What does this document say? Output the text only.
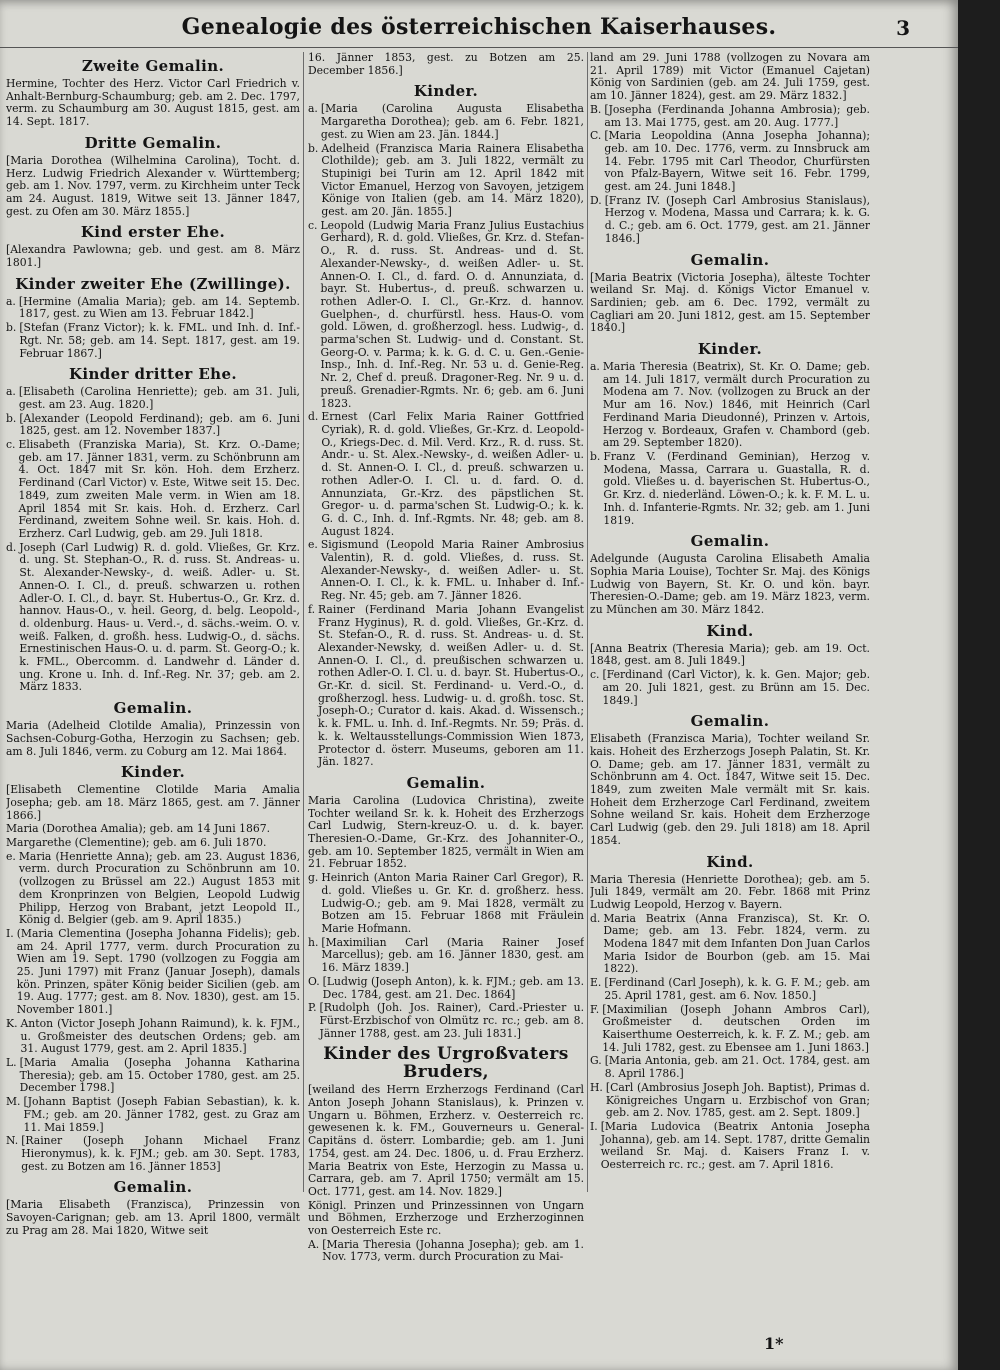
Genealogie des österreichischen Kaiserhauses.	3
Zweite Gemalin.
Hermine, Tochter des Herz. Victor Carl Friedrich v. Anhalt-Bernburg-Schaumburg; geb. am 2. Dec. 1797, verm. zu Schaumburg am 30. August 1815, gest. am 14. Sept. 1817.
Dritte Gemalin.
[Maria Dorothea (Wilhelmina Carolina), Tocht. d. Herz. Ludwig Friedrich Alexander v. Württemberg; geb. am 1. Nov. 1797, verm. zu Kirchheim unter Teck am 24. August. 1819, Witwe seit 13. Jänner 1847, gest. zu Ofen am 30. März 1855.]
Kind erster Ehe.
[Alexandra Pawlowna; geb. und gest. am 8. März 1801.]
Kinder zweiter Ehe (Zwillinge).
a. [Hermine (Amalia Maria); geb. am 14. Septemb. 1817, gest. zu Wien am 13. Februar 1842.]
b. [Stefan (Franz Victor); k. k. FML. und Inh. d. Inf.-Rgt. Nr. 58; geb. am 14. Sept. 1817, gest. am 19. Februar 1867.]
Kinder dritter Ehe.
a. [Elisabeth (Carolina Henriette); geb. am 31. Juli, gest. am 23. Aug. 1820.]
b. [Alexander (Leopold Ferdinand); geb. am 6. Juni 1825, gest. am 12. November 1837.]
c. Elisabeth (Franziska Maria), St. Krz. O.-Dame; geb. am 17. Jänner 1831, verm. zu Schönbrunn am 4. Oct. 1847 mit Sr. kön. Hoh. dem Erzherz. Ferdinand (Carl Victor) v. Este, Witwe seit 15. Dec. 1849, zum zweiten Male verm. in Wien am 18. April 1854 mit Sr. kais. Hoh. d. Erzherz. Carl Ferdinand, zweitem Sohne weil. Sr. kais. Hoh. d. Erzherz. Carl Ludwig, geb. am 29. Juli 1818.
d. Joseph (Carl Ludwig) R. d. gold. Vließes, Gr. Krz. d. ung. St. Stephan-O., R. d. russ. St. Andreas- u. St. Alexander-Newsky-, d. weiß. Adler- u. St. Annen-O. I. Cl., d. preuß. schwarzen u. rothen Adler-O. I. Cl., d. bayr. St. Hubertus-O., Gr. Krz. d. hannov. Haus-O., v. heil. Georg, d. belg. Leopold-, d. oldenburg. Haus- u. Verd.-, d. sächs.-weim. O. v. weiß. Falken, d. großh. hess. Ludwig-O., d. sächs. Ernestinischen Haus-O. u. d. parm. St. Georg-O.; k. k. FML., Obercomm. d. Landwehr d. Länder d. ung. Krone u. Inh. d. Inf.-Reg. Nr. 37; geb. am 2. März 1833.
Gemalin.
Maria (Adelheid Clotilde Amalia), Prinzessin von Sachsen-Coburg-Gotha, Herzogin zu Sachsen; geb. am 8. Juli 1846, verm. zu Coburg am 12. Mai 1864.
Kinder.
[Elisabeth Clementine Clotilde Maria Amalia Josepha; geb. am 18. März 1865, gest. am 7. Jänner 1866.]
Maria (Dorothea Amalia); geb. am 14 Juni 1867.
Margarethe (Clementine); geb. am 6. Juli 1870.
e. Maria (Henriette Anna); geb. am 23. August 1836, verm. durch Procuration zu Schönbrunn am 10. (vollzogen zu Brüssel am 22.) August 1853 mit dem Kronprinzen von Belgien, Leopold Ludwig Philipp, Herzog von Brabant, jetzt Leopold II., König d. Belgier (geb. am 9. April 1835.)
I. (Maria Clementina (Josepha Johanna Fidelis); geb. am 24. April 1777, verm. durch Procuration zu Wien am 19. Sept. 1790 (vollzogen zu Foggia am 25. Juni 1797) mit Franz (Januar Joseph), damals kön. Prinzen, später König beider Sicilien (geb. am 19. Aug. 1777; gest. am 8. Nov. 1830), gest. am 15. November 1801.]
K. Anton (Victor Joseph Johann Raimund), k. k. FJM., u. Großmeister des deutschen Ordens; geb. am 31. August 1779, gest. am 2. April 1835.]
L. [Maria Amalia (Josepha Johanna Katharina Theresia); geb. am 15. October 1780, gest. am 25. December 1798.]
M. [Johann Baptist (Joseph Fabian Sebastian), k. k. FM.; geb. am 20. Jänner 1782, gest. zu Graz am 11. Mai 1859.]
N. [Rainer (Joseph Johann Michael Franz Hieronymus), k. k. FJM.; geb. am 30. Sept. 1783, gest. zu Botzen am 16. Jänner 1853]
Gemalin.
[Maria Elisabeth (Franzisca), Prinzessin von Savoyen-Carignan; geb. am 13. April 1800, vermält zu Prag am 28. Mai 1820, Witwe seit
16. Jänner 1853, gest. zu Botzen am 25. December 1856.]
Kinder.
a. [Maria (Carolina Augusta Elisabetha Margaretha Dorothea); geb. am 6. Febr. 1821, gest. zu Wien am 23. Jän. 1844.]
b. Adelheid (Franzisca Maria Rainera Elisabetha Clothilde); geb. am 3. Juli 1822, vermält zu Stupinigi bei Turin am 12. April 1842 mit Victor Emanuel, Herzog von Savoyen, jetzigem Könige von Italien (geb. am 14. März 1820), gest. am 20. Jän. 1855.]
c. Leopold (Ludwig Maria Franz Julius Eustachius Gerhard), R. d. gold. Vließes, Gr. Krz. d. Stefan-O., R. d. russ. St. Andreas- und d. St. Alexander-Newsky-, d. weißen Adler- u. St. Annen-O. I. Cl., d. fard. O. d. Annunziata, d. bayr. St. Hubertus-, d. preuß. schwarzen u. rothen Adler-O. I. Cl., Gr.-Krz. d. hannov. Guelphen-, d. churfürstl. hess. Haus-O. vom gold. Löwen, d. großherzogl. hess. Ludwig-, d. parma'schen St. Ludwig- und d. Constant. St. Georg-O. v. Parma; k. k. G. d. C. u. Gen.-Genie-Insp., Inh. d. Inf.-Reg. Nr. 53 u. d. Genie-Reg. Nr. 2, Chef d. preuß. Dragoner-Reg. Nr. 9 u. d. preuß. Grenadier-Rgmts. Nr. 6; geb. am 6. Juni 1823.
d. Ernest (Carl Felix Maria Rainer Gottfried Cyriak), R. d. gold. Vließes, Gr.-Krz. d. Leopold-O., Kriegs-Dec. d. Mil. Verd. Krz., R. d. russ. St. Andr.- u. St. Alex.-Newsky-, d. weißen Adler- u. d. St. Annen-O. I. Cl., d. preuß. schwarzen u. rothen Adler-O. I. Cl. u. d. fard. O. d. Annunziata, Gr.-Krz. des päpstlichen St. Gregor- u. d. parma'schen St. Ludwig-O.; k. k. G. d. C., Inh. d. Inf.-Rgmts. Nr. 48; geb. am 8. August 1824.
e. Sigismund (Leopold Maria Rainer Ambrosius Valentin), R. d. gold. Vließes, d. russ. St. Alexander-Newsky-, d. weißen Adler- u. St. Annen-O. I. Cl., k. k. FML. u. Inhaber d. Inf.-Reg. Nr. 45; geb. am 7. Jänner 1826.
f. Rainer (Ferdinand Maria Johann Evangelist Franz Hyginus), R. d. gold. Vließes, Gr.-Krz. d. St. Stefan-O., R. d. russ. St. Andreas- u. d. St. Alexander-Newsky, d. weißen Adler- u. d. St. Annen-O. I. Cl., d. preußischen schwarzen u. rothen Adler-O. I. Cl. u. d. bayr. St. Hubertus-O., Gr.-Kr. d. sicil. St. Ferdinand- u. Verd.-O., d. großherzogl. hess. Ludwig- u. d. großh. tosc. St. Joseph-O.; Curator d. kais. Akad. d. Wissensch.; k. k. FML. u. Inh. d. Inf.-Regmts. Nr. 59; Präs. d. k. k. Weltausstellungs-Commission Wien 1873, Protector d. österr. Museums, geboren am 11. Jän. 1827.
Gemalin.
Maria Carolina (Ludovica Christina), zweite Tochter weiland Sr. k. k. Hoheit des Erzherzogs Carl Ludwig, Stern-kreuz-O. u. d. k. bayer. Theresien-O.-Dame, Gr.-Krz. des Johanniter-O., geb. am 10. September 1825, vermält in Wien am 21. Februar 1852.
g. Heinrich (Anton Maria Rainer Carl Gregor), R. d. gold. Vließes u. Gr. Kr. d. großherz. hess. Ludwig-O.; geb. am 9. Mai 1828, vermält zu Botzen am 15. Februar 1868 mit Fräulein Marie Hofmann.
h. [Maximilian Carl (Maria Rainer Josef Marcellus); geb. am 16. Jänner 1830, gest. am 16. März 1839.]
O. [Ludwig (Joseph Anton), k. k. FJM.; geb. am 13. Dec. 1784, gest. am 21. Dec. 1864]
P. [Rudolph (Joh. Jos. Rainer), Card.-Priester u. Fürst-Erzbischof von Olmütz rc. rc.; geb. am 8. Jänner 1788, gest. am 23. Juli 1831.]
Kinder des Urgroßvaters Bruders,
[weiland des Herrn Erzherzogs Ferdinand (Carl Anton Joseph Johann Stanislaus), k. Prinzen v. Ungarn u. Böhmen, Erzherz. v. Oesterreich rc. gewesenen k. k. FM., Gouverneurs u. General-Capitäns d. österr. Lombardie; geb. am 1. Juni 1754, gest. am 24. Dec. 1806, u. d. Frau Erzherz. Maria Beatrix von Este, Herzogin zu Massa u. Carrara, geb. am 7. April 1750; vermält am 15. Oct. 1771, gest. am 14. Nov. 1829.]
Königl. Prinzen und Prinzessinnen von Ungarn und Böhmen, Erzherzoge und Erzherzoginnen von Oesterreich Este rc.
A. [Maria Theresia (Johanna Josepha); geb. am 1. Nov. 1773, verm. durch Procuration zu Mai-
land am 29. Juni 1788 (vollzogen zu Novara am 21. April 1789) mit Victor (Emanuel Cajetan) König von Sardinien (geb. am 24. Juli 1759, gest. am 10. Jänner 1824), gest. am 29. März 1832.]
B. [Josepha (Ferdinanda Johanna Ambrosia); geb. am 13. Mai 1775, gest. am 20. Aug. 1777.]
C. [Maria Leopoldina (Anna Josepha Johanna); geb. am 10. Dec. 1776, verm. zu Innsbruck am 14. Febr. 1795 mit Carl Theodor, Churfürsten von Pfalz-Bayern, Witwe seit 16. Febr. 1799, gest. am 24. Juni 1848.]
D. [Franz IV. (Joseph Carl Ambrosius Stanislaus), Herzog v. Modena, Massa und Carrara; k. k. G. d. C.; geb. am 6. Oct. 1779, gest. am 21. Jänner 1846.]
Gemalin.
[Maria Beatrix (Victoria Josepha), älteste Tochter weiland Sr. Maj. d. Königs Victor Emanuel v. Sardinien; geb. am 6. Dec. 1792, vermält zu Cagliari am 20. Juni 1812, gest. am 15. September 1840.]
Kinder.
a. Maria Theresia (Beatrix), St. Kr. O. Dame; geb. am 14. Juli 1817, vermält durch Procuration zu Modena am 7. Nov. (vollzogen zu Bruck an der Mur am 16. Nov.) 1846, mit Heinrich (Carl Ferdinand Maria Dieudonné), Prinzen v. Artois, Herzog v. Bordeaux, Grafen v. Chambord (geb. am 29. September 1820).
b. Franz V. (Ferdinand Geminian), Herzog v. Modena, Massa, Carrara u. Guastalla, R. d. gold. Vließes u. d. bayerischen St. Hubertus-O., Gr. Krz. d. niederländ. Löwen-O.; k. k. F. M. L. u. Inh. d. Infanterie-Rgmts. Nr. 32; geb. am 1. Juni 1819.
Gemalin.
Adelgunde (Augusta Carolina Elisabeth Amalia Sophia Maria Louise), Tochter Sr. Maj. des Königs Ludwig von Bayern, St. Kr. O. und kön. bayr. Theresien-O.-Dame; geb. am 19. März 1823, verm. zu München am 30. März 1842.
Kind.
[Anna Beatrix (Theresia Maria); geb. am 19. Oct. 1848, gest. am 8. Juli 1849.]
c. [Ferdinand (Carl Victor), k. k. Gen. Major; geb. am 20. Juli 1821, gest. zu Brünn am 15. Dec. 1849.]
Gemalin.
Elisabeth (Franzisca Maria), Tochter weiland Sr. kais. Hoheit des Erzherzogs Joseph Palatin, St. Kr. O. Dame; geb. am 17. Jänner 1831, vermält zu Schönbrunn am 4. Oct. 1847, Witwe seit 15. Dec. 1849, zum zweiten Male vermält mit Sr. kais. Hoheit dem Erzherzoge Carl Ferdinand, zweitem Sohne weiland Sr. kais. Hoheit dem Erzherzoge Carl Ludwig (geb. den 29. Juli 1818) am 18. April 1854.
Kind.
Maria Theresia (Henriette Dorothea); geb. am 5. Juli 1849, vermält am 20. Febr. 1868 mit Prinz Ludwig Leopold, Herzog v. Bayern.
d. Maria Beatrix (Anna Franzisca), St. Kr. O. Dame; geb. am 13. Febr. 1824, verm. zu Modena 1847 mit dem Infanten Don Juan Carlos Maria Isidor de Bourbon (geb. am 15. Mai 1822).
E. [Ferdinand (Carl Joseph), k. k. G. F. M.; geb. am 25. April 1781, gest. am 6. Nov. 1850.]
F. [Maximilian (Joseph Johann Ambros Carl), Großmeister d. deutschen Orden im Kaiserthume Oesterreich, k. k. F. Z. M.; geb. am 14. Juli 1782, gest. zu Ebensee am 1. Juni 1863.]
G. [Maria Antonia, geb. am 21. Oct. 1784, gest. am 8. April 1786.]
H. [Carl (Ambrosius Joseph Joh. Baptist), Primas d. Königreiches Ungarn u. Erzbischof von Gran; geb. am 2. Nov. 1785, gest. am 2. Sept. 1809.]
I. [Maria Ludovica (Beatrix Antonia Josepha Johanna), geb. am 14. Sept. 1787, dritte Gemalin weiland Sr. Maj. d. Kaisers Franz I. v. Oesterreich rc. rc.; gest. am 7. April 1816.
1*
